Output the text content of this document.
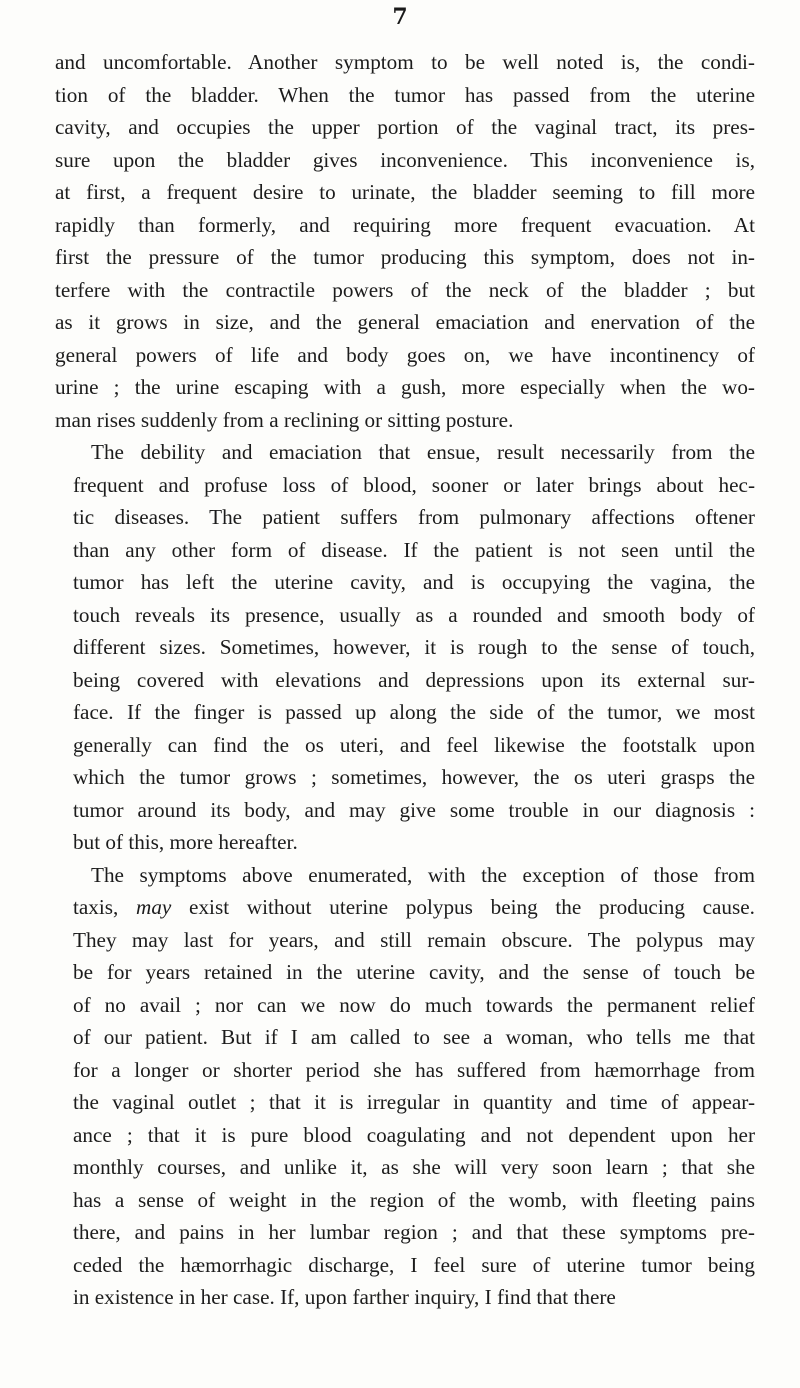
7
and uncomfortable. Another symptom to be well noted is, the condi-
tion of the bladder. When the tumor has passed from the uterine
cavity, and occupies the upper portion of the vaginal tract, its pres-
sure upon the bladder gives inconvenience. This inconvenience is,
at first, a frequent desire to urinate, the bladder seeming to fill more
rapidly than formerly, and requiring more frequent evacuation. At
first the pressure of the tumor producing this symptom, does not in-
terfere with the contractile powers of the neck of the bladder ; but
as it grows in size, and the general emaciation and enervation of the
general powers of life and body goes on, we have incontinency of
urine ; the urine escaping with a gush, more especially when the wo-
man rises suddenly from a reclining or sitting posture.
The debility and emaciation that ensue, result necessarily from the
frequent and profuse loss of blood, sooner or later brings about hec-
tic diseases. The patient suffers from pulmonary affections oftener
than any other form of disease. If the patient is not seen until the
tumor has left the uterine cavity, and is occupying the vagina, the
touch reveals its presence, usually as a rounded and smooth body of
different sizes. Sometimes, however, it is rough to the sense of touch,
being covered with elevations and depressions upon its external sur-
face. If the finger is passed up along the side of the tumor, we most
generally can find the os uteri, and feel likewise the footstalk upon
which the tumor grows ; sometimes, however, the os uteri grasps the
tumor around its body, and may give some trouble in our diagnosis :
but of this, more hereafter.
The symptoms above enumerated, with the exception of those from
taxis, may exist without uterine polypus being the producing cause.
They may last for years, and still remain obscure. The polypus may
be for years retained in the uterine cavity, and the sense of touch be
of no avail ; nor can we now do much towards the permanent relief
of our patient. But if I am called to see a woman, who tells me that
for a longer or shorter period she has suffered from hæmorrhage from
the vaginal outlet ; that it is irregular in quantity and time of appear-
ance ; that it is pure blood coagulating and not dependent upon her
monthly courses, and unlike it, as she will very soon learn ; that she
has a sense of weight in the region of the womb, with fleeting pains
there, and pains in her lumbar region ; and that these symptoms pre-
ceded the hæmorrhagic discharge, I feel sure of uterine tumor being
in existence in her case. If, upon farther inquiry, I find that there
